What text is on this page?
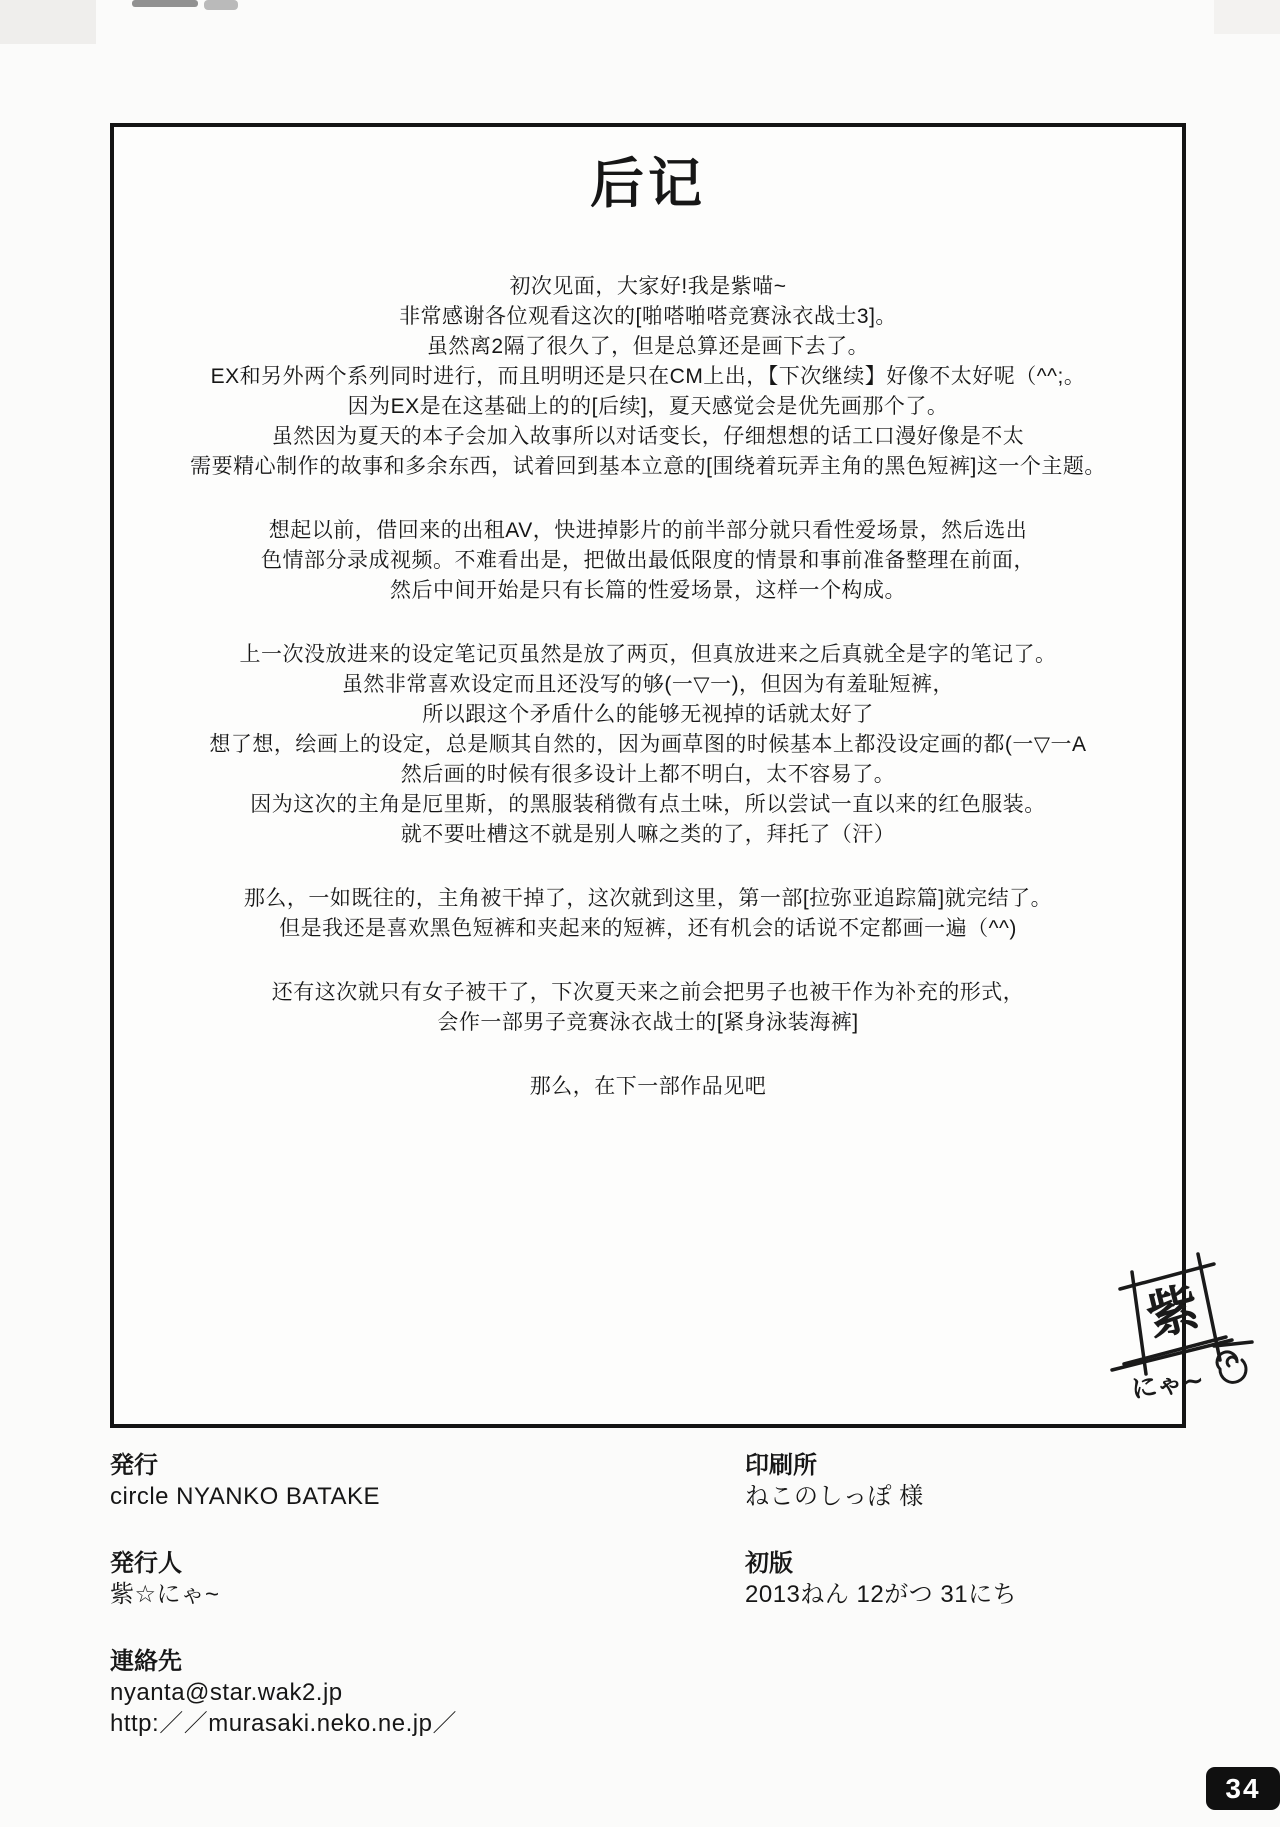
后记
初次见面，大家好!我是紫喵~
非常感谢各位观看这次的[啪嗒啪嗒竞赛泳衣战士3]。
虽然离2隔了很久了，但是总算还是画下去了。
EX和另外两个系列同时进行，而且明明还是只在CM上出，【下次继续】好像不太好呢（^^;。
因为EX是在这基础上的的[后续]，夏天感觉会是优先画那个了。
虽然因为夏天的本子会加入故事所以对话变长，仔细想想的话工口漫好像是不太
需要精心制作的故事和多余东西，试着回到基本立意的[围绕着玩弄主角的黑色短裤]这一个主题。
想起以前，借回来的出租AV，快进掉影片的前半部分就只看性爱场景，然后选出
色情部分录成视频。不难看出是，把做出最低限度的情景和事前准备整理在前面，
然后中间开始是只有长篇的性爱场景，这样一个构成。
上一次没放进来的设定笔记页虽然是放了两页，但真放进来之后真就全是字的笔记了。
虽然非常喜欢设定而且还没写的够(一▽一)，但因为有羞耻短裤，
所以跟这个矛盾什么的能够无视掉的话就太好了
想了想，绘画上的设定，总是顺其自然的，因为画草图的时候基本上都没设定画的都(一▽一A
然后画的时候有很多设计上都不明白，太不容易了。
因为这次的主角是厄里斯，的黑服装稍微有点土味，所以尝试一直以来的红色服装。
就不要吐槽这不就是别人嘛之类的了，拜托了（汗）
那么，一如既往的，主角被干掉了，这次就到这里，第一部[拉弥亚追踪篇]就完结了。
但是我还是喜欢黑色短裤和夹起来的短裤，还有机会的话说不定都画一遍（^^)
还有这次就只有女子被干了，下次夏天来之前会把男子也被干作为补充的形式，
会作一部男子竞赛泳衣战士的[紧身泳装海裤]
那么，在下一部作品见吧
紫
にゃ~
発行
circle NYANKO BATAKE
発行人
紫☆にゃ~
連絡先
nyanta@star.wak2.jp
http:／／murasaki.neko.ne.jp／
印刷所
ねこのしっぽ 様
初版
2013ねん 12がつ 31にち
34
